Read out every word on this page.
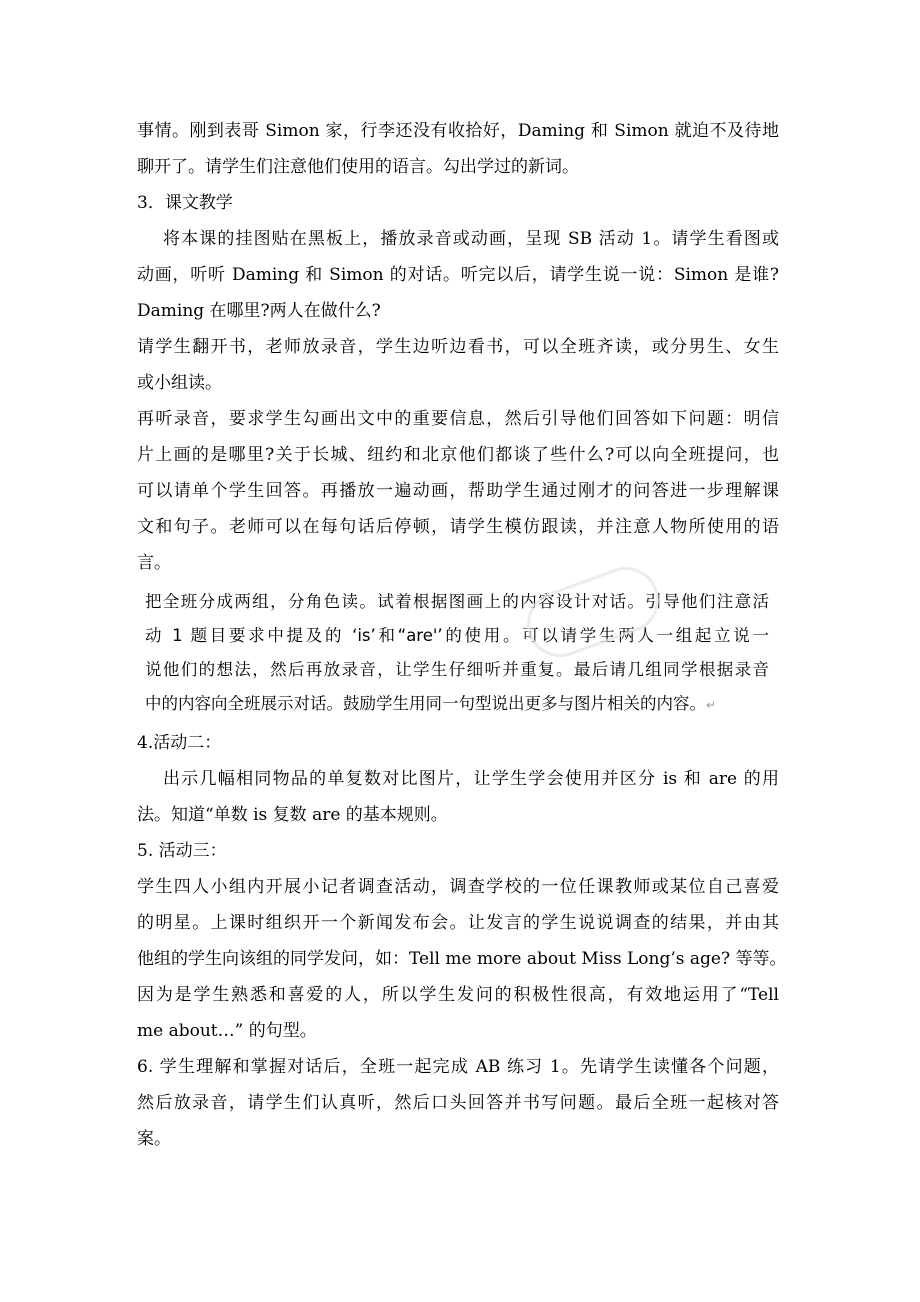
事情。刚到表哥 Simon 家，行李还没有收拾好，Daming 和 Simon 就迫不及待地
聊开了。请学生们注意他们使用的语言。勾出学过的新词。
3．课文教学
将本课的挂图贴在黑板上，播放录音或动画，呈现 SB 活动 1。请学生看图或
动画，听听 Daming 和 Simon 的对话。听完以后，请学生说一说：Simon 是谁?
Daming 在哪里?两人在做什么?
请学生翻开书，老师放录音，学生边听边看书，可以全班齐读，或分男生、女生
或小组读。
再听录音，要求学生勾画出文中的重要信息，然后引导他们回答如下问题：明信
片上画的是哪里?关于长城、纽约和北京他们都谈了些什么?可以向全班提问，也
可以请单个学生回答。再播放一遍动画，帮助学生通过刚才的问答进一步理解课
文和句子。老师可以在每句话后停顿，请学生模仿跟读，并注意人物所使用的语
言。
把全班分成两组，分角色读。试着根据图画上的内容设计对话。引导他们注意活
动 1 题目要求中提及的 ‘is’和“are'’的使用。可以请学生两人一组起立说一
说他们的想法，然后再放录音，让学生仔细听并重复。最后请几组同学根据录音
中的内容向全班展示对话。鼓励学生用同一句型说出更多与图片相关的内容。↵
4.活动二：
出示几幅相同物品的单复数对比图片，让学生学会使用并区分 is 和 are 的用
法。知道“单数 is 复数 are 的基本规则。
5. 活动三：
学生四人小组内开展小记者调查活动，调查学校的一位任课教师或某位自己喜爱
的明星。上课时组织开一个新闻发布会。让发言的学生说说调查的结果，并由其
他组的学生向该组的同学发问，如：Tell me more about Miss Long’s age? 等等。
因为是学生熟悉和喜爱的人，所以学生发问的积极性很高，有效地运用了“Tell
me about…” 的句型。
6. 学生理解和掌握对话后，全班一起完成 AB 练习 1。先请学生读懂各个问题，
然后放录音，请学生们认真听，然后口头回答并书写问题。最后全班一起核对答
案。
